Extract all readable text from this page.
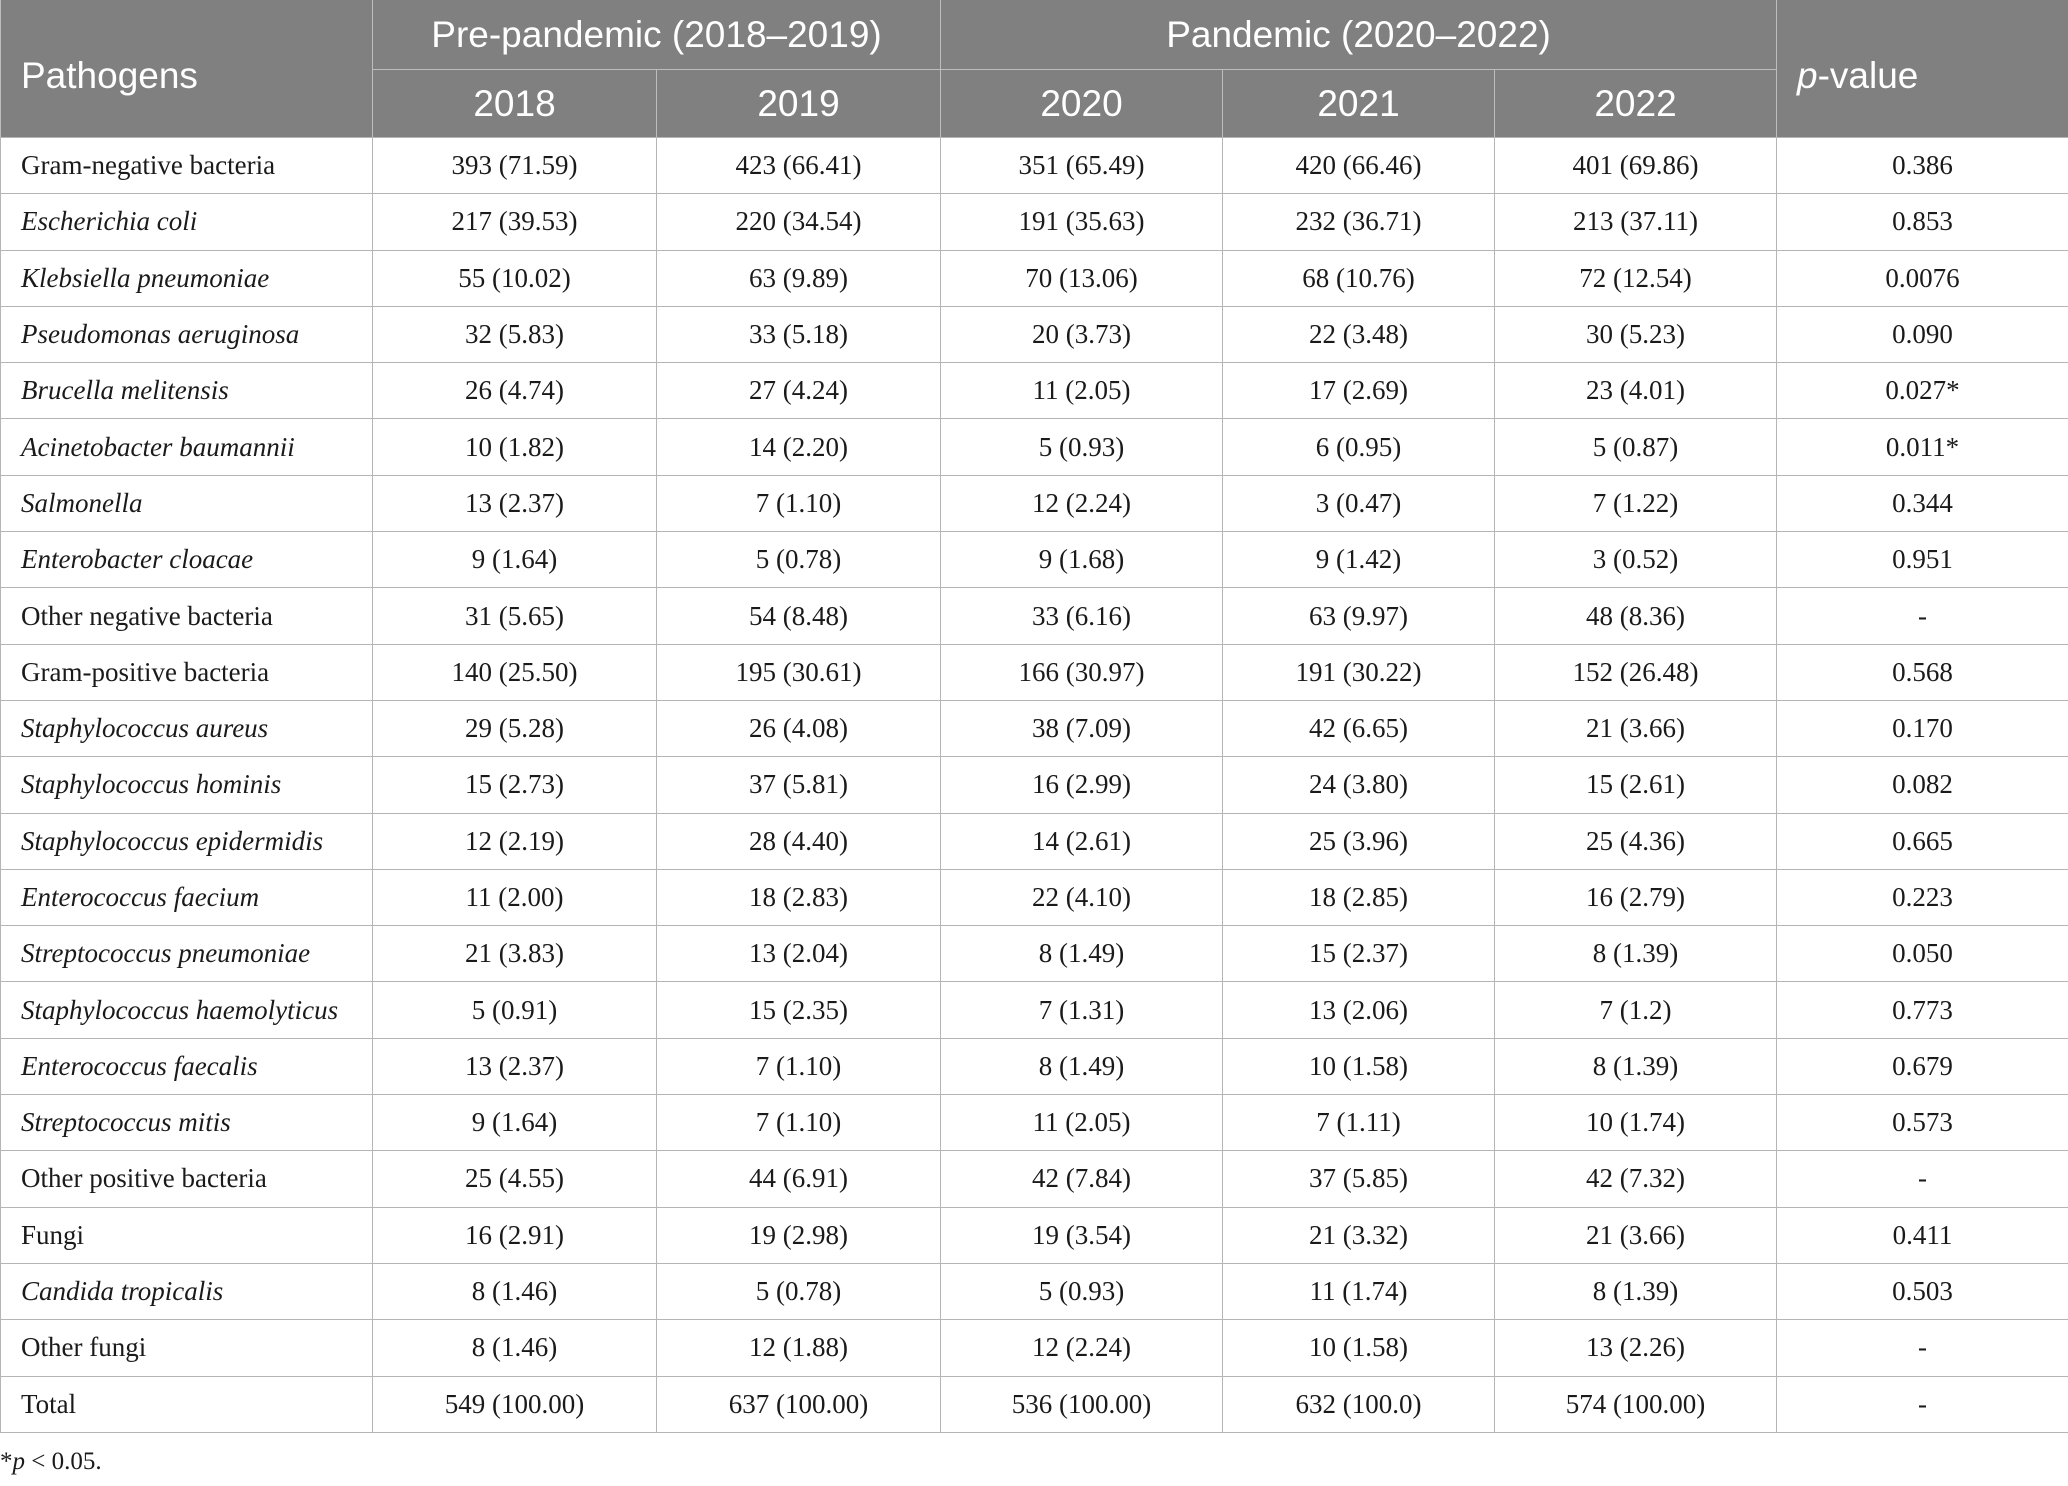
Pathogens	Pre-pandemic (2018–2019)		Pandemic (2020–2022)			p-value
	2018	2019	2020	2021	2022	
Gram-negative bacteria	393 (71.59)	423 (66.41)	351 (65.49)	420 (66.46)	401 (69.86)	0.386
Escherichia coli	217 (39.53)	220 (34.54)	191 (35.63)	232 (36.71)	213 (37.11)	0.853
Klebsiella pneumoniae	55 (10.02)	63 (9.89)	70 (13.06)	68 (10.76)	72 (12.54)	0.0076
Pseudomonas aeruginosa	32 (5.83)	33 (5.18)	20 (3.73)	22 (3.48)	30 (5.23)	0.090
Brucella melitensis	26 (4.74)	27 (4.24)	11 (2.05)	17 (2.69)	23 (4.01)	0.027*
Acinetobacter baumannii	10 (1.82)	14 (2.20)	5 (0.93)	6 (0.95)	5 (0.87)	0.011*
Salmonella	13 (2.37)	7 (1.10)	12 (2.24)	3 (0.47)	7 (1.22)	0.344
Enterobacter cloacae	9 (1.64)	5 (0.78)	9 (1.68)	9 (1.42)	3 (0.52)	0.951
Other negative bacteria	31 (5.65)	54 (8.48)	33 (6.16)	63 (9.97)	48 (8.36)	-
Gram-positive bacteria	140 (25.50)	195 (30.61)	166 (30.97)	191 (30.22)	152 (26.48)	0.568
Staphylococcus aureus	29 (5.28)	26 (4.08)	38 (7.09)	42 (6.65)	21 (3.66)	0.170
Staphylococcus hominis	15 (2.73)	37 (5.81)	16 (2.99)	24 (3.80)	15 (2.61)	0.082
Staphylococcus epidermidis	12 (2.19)	28 (4.40)	14 (2.61)	25 (3.96)	25 (4.36)	0.665
Enterococcus faecium	11 (2.00)	18 (2.83)	22 (4.10)	18 (2.85)	16 (2.79)	0.223
Streptococcus pneumoniae	21 (3.83)	13 (2.04)	8 (1.49)	15 (2.37)	8 (1.39)	0.050
Staphylococcus haemolyticus	5 (0.91)	15 (2.35)	7 (1.31)	13 (2.06)	7 (1.2)	0.773
Enterococcus faecalis	13 (2.37)	7 (1.10)	8 (1.49)	10 (1.58)	8 (1.39)	0.679
Streptococcus mitis	9 (1.64)	7 (1.10)	11 (2.05)	7 (1.11)	10 (1.74)	0.573
Other positive bacteria	25 (4.55)	44 (6.91)	42 (7.84)	37 (5.85)	42 (7.32)	-
Fungi	16 (2.91)	19 (2.98)	19 (3.54)	21 (3.32)	21 (3.66)	0.411
Candida tropicalis	8 (1.46)	5 (0.78)	5 (0.93)	11 (1.74)	8 (1.39)	0.503
Other fungi	8 (1.46)	12 (1.88)	12 (2.24)	10 (1.58)	13 (2.26)	-
Total	549 (100.00)	637 (100.00)	536 (100.00)	632 (100.0)	574 (100.00)	-
*p < 0.05.
